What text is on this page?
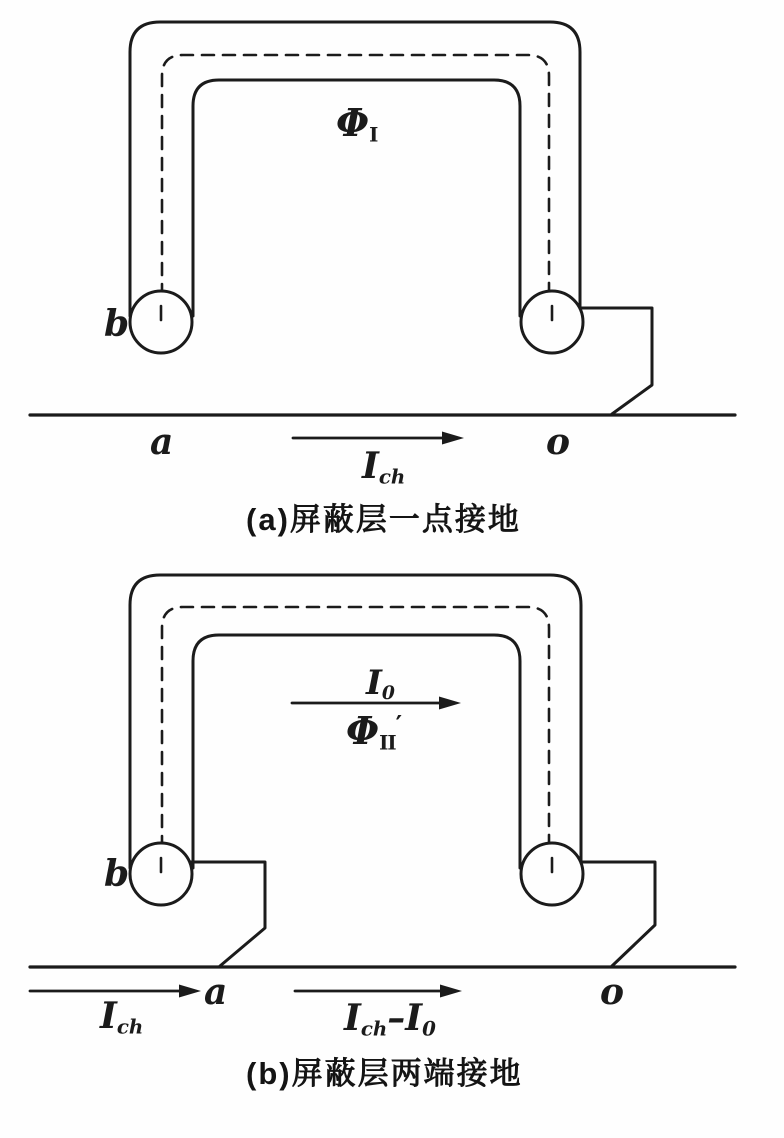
ΦI
b
a	o
$I_{ch}$
(a)屏蔽层一点接地
$I_0$
ΦII′
b
a	o
$I_{ch}$	$I_{ch}-I_0$
(b)屏蔽层两端接地
